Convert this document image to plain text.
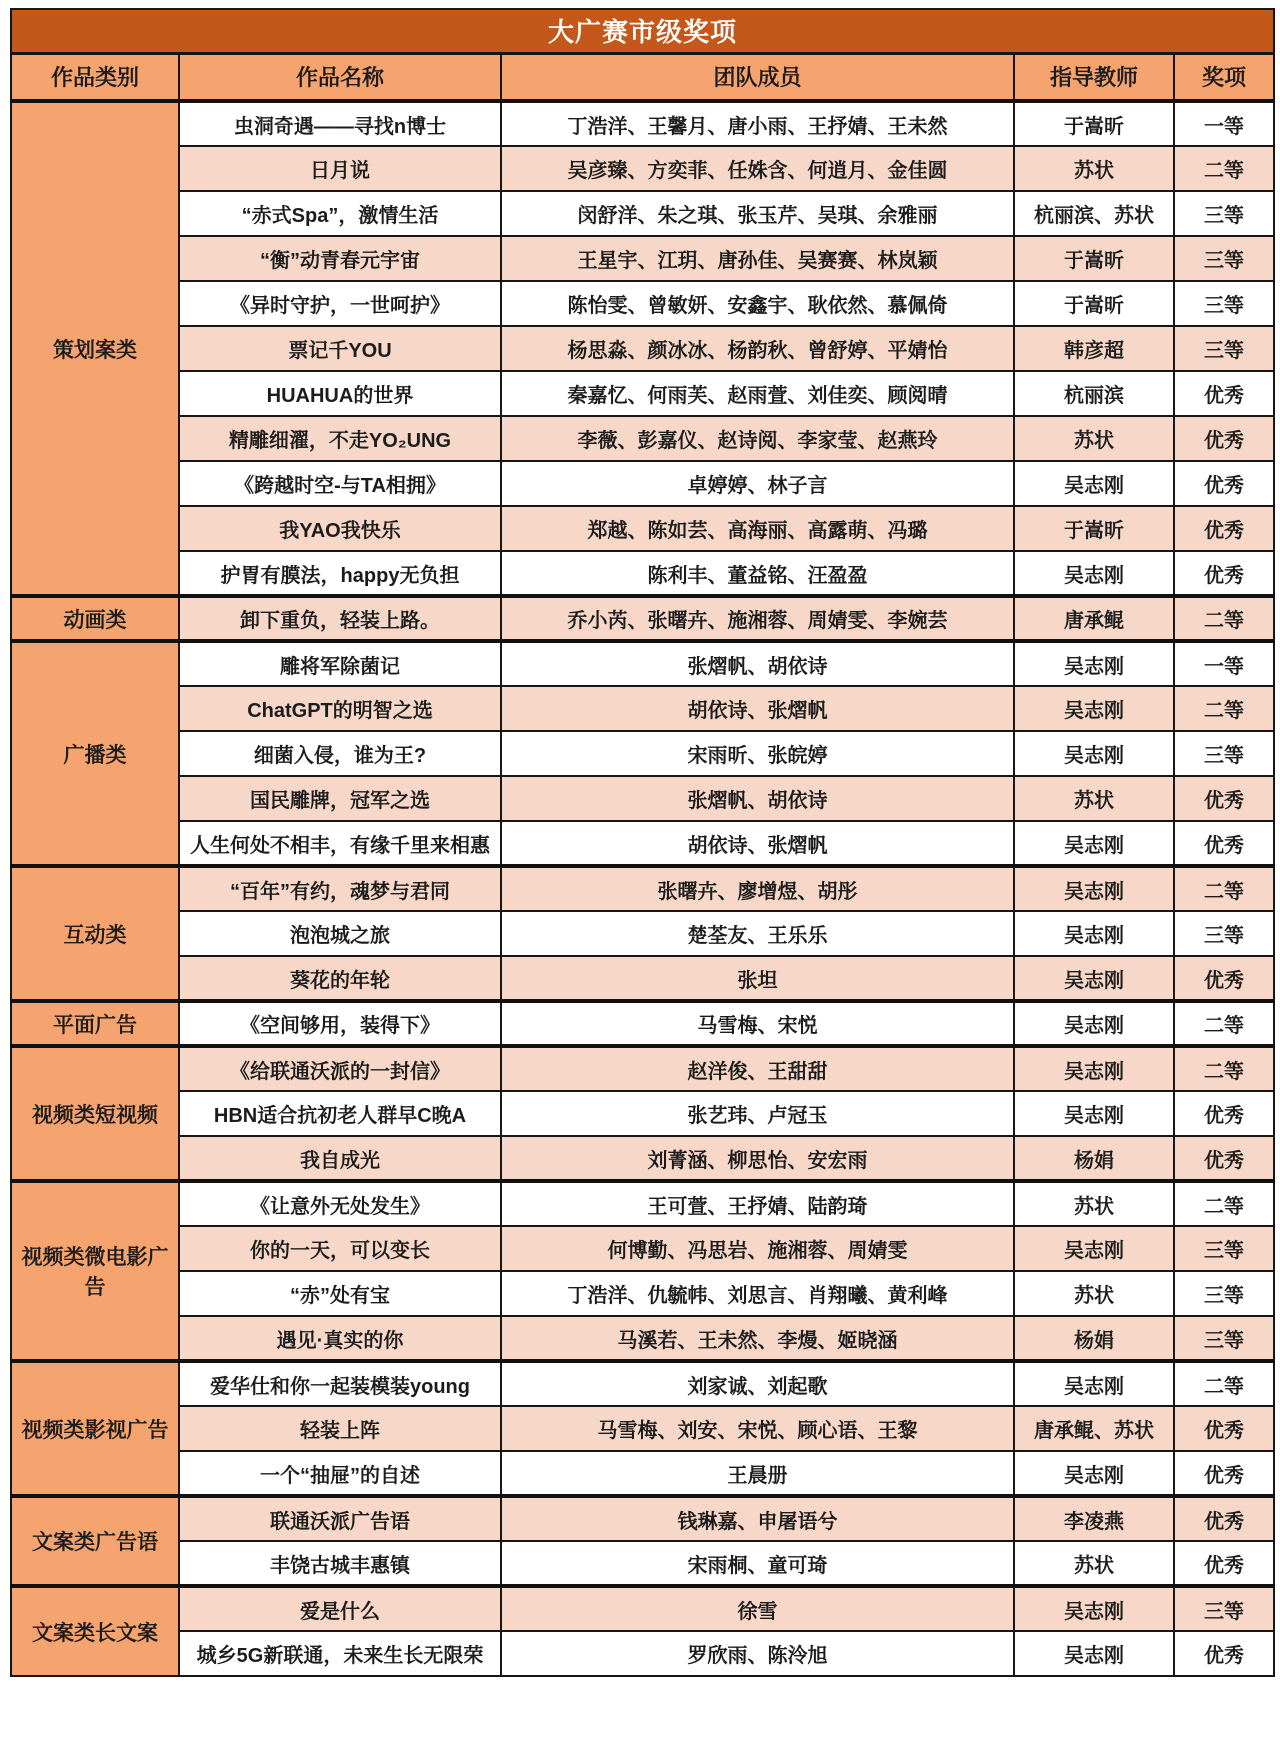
大广赛市级奖项				
作品类别	作品名称	团队成员	指导教师	奖项
策划案类	虫洞奇遇——寻找n博士	丁浩洋、王馨月、唐小雨、王抒婧、王未然	于嵩昕	一等
	日月说	吴彦臻、方奕菲、任姝含、何逍月、金佳圆	苏状	二等
	“赤式Spa”，激情生活	闵舒洋、朱之琪、张玉芹、吴琪、余雅丽	杭丽滨、苏状	三等
	“衡”动青春元宇宙	王星宇、江玥、唐孙佳、吴赛赛、林岚颖	于嵩昕	三等
	《异时守护，一世呵护》	陈怡雯、曾敏妍、安鑫宇、耿依然、慕佩倚	于嵩昕	三等
	票记千YOU	杨思淼、颜冰冰、杨韵秋、曾舒婷、平婧怡	韩彦超	三等
	HUAHUA的世界	秦嘉忆、何雨芙、赵雨萱、刘佳奕、顾阅晴	杭丽滨	优秀
	精雕细濯，不走YO₂UNG	李薇、彭嘉仪、赵诗阅、李家莹、赵燕玲	苏状	优秀
	《跨越时空-与TA相拥》	卓婷婷、林子言	吴志刚	优秀
	我YAO我快乐	郑越、陈如芸、高海丽、高露萌、冯璐	于嵩昕	优秀
	护胃有膜法，happy无负担	陈利丰、董益铭、汪盈盈	吴志刚	优秀
动画类	卸下重负，轻装上路。	乔小芮、张曙卉、施湘蓉、周婧雯、李婉芸	唐承鲲	二等
广播类	雕将军除菌记	张熠帆、胡依诗	吴志刚	一等
	ChatGPT的明智之选	胡依诗、张熠帆	吴志刚	二等
	细菌入侵，谁为王?	宋雨昕、张皖婷	吴志刚	三等
	国民雕牌，冠军之选	张熠帆、胡依诗	苏状	优秀
	人生何处不相丰，有缘千里来相惠	胡依诗、张熠帆	吴志刚	优秀
互动类	“百年”有约，魂梦与君同	张曙卉、廖增煜、胡彤	吴志刚	二等
	泡泡城之旅	楚荃友、王乐乐	吴志刚	三等
	葵花的年轮	张坦	吴志刚	优秀
平面广告	《空间够用，装得下》	马雪梅、宋悦	吴志刚	二等
视频类短视频	《给联通沃派的一封信》	赵洋俊、王甜甜	吴志刚	二等
	HBN适合抗初老人群早C晚A	张艺玮、卢冠玉	吴志刚	优秀
	我自成光	刘菁涵、柳思怡、安宏雨	杨娟	优秀
视频类微电影广告	《让意外无处发生》	王可萱、王抒婧、陆韵琦	苏状	二等
	你的一天，可以变长	何博勤、冯思岩、施湘蓉、周婧雯	吴志刚	三等
	“赤”处有宝	丁浩洋、仇毓帏、刘思言、肖翔曦、黄利峰	苏状	三等
	遇见·真实的你	马溪若、王未然、李熳、姬晓涵	杨娟	三等
视频类影视广告	爱华仕和你一起装模装young	刘家诚、刘起歌	吴志刚	二等
	轻装上阵	马雪梅、刘安、宋悦、顾心语、王黎	唐承鲲、苏状	优秀
	一个“抽屉”的自述	王晨册	吴志刚	优秀
文案类广告语	联通沃派广告语	钱琳嘉、申屠语兮	李凌燕	优秀
	丰饶古城丰惠镇	宋雨桐、童可琦	苏状	优秀
文案类长文案	爱是什么	徐雪	吴志刚	三等
	城乡5G新联通，未来生长无限荣	罗欣雨、陈泠旭	吴志刚	优秀
